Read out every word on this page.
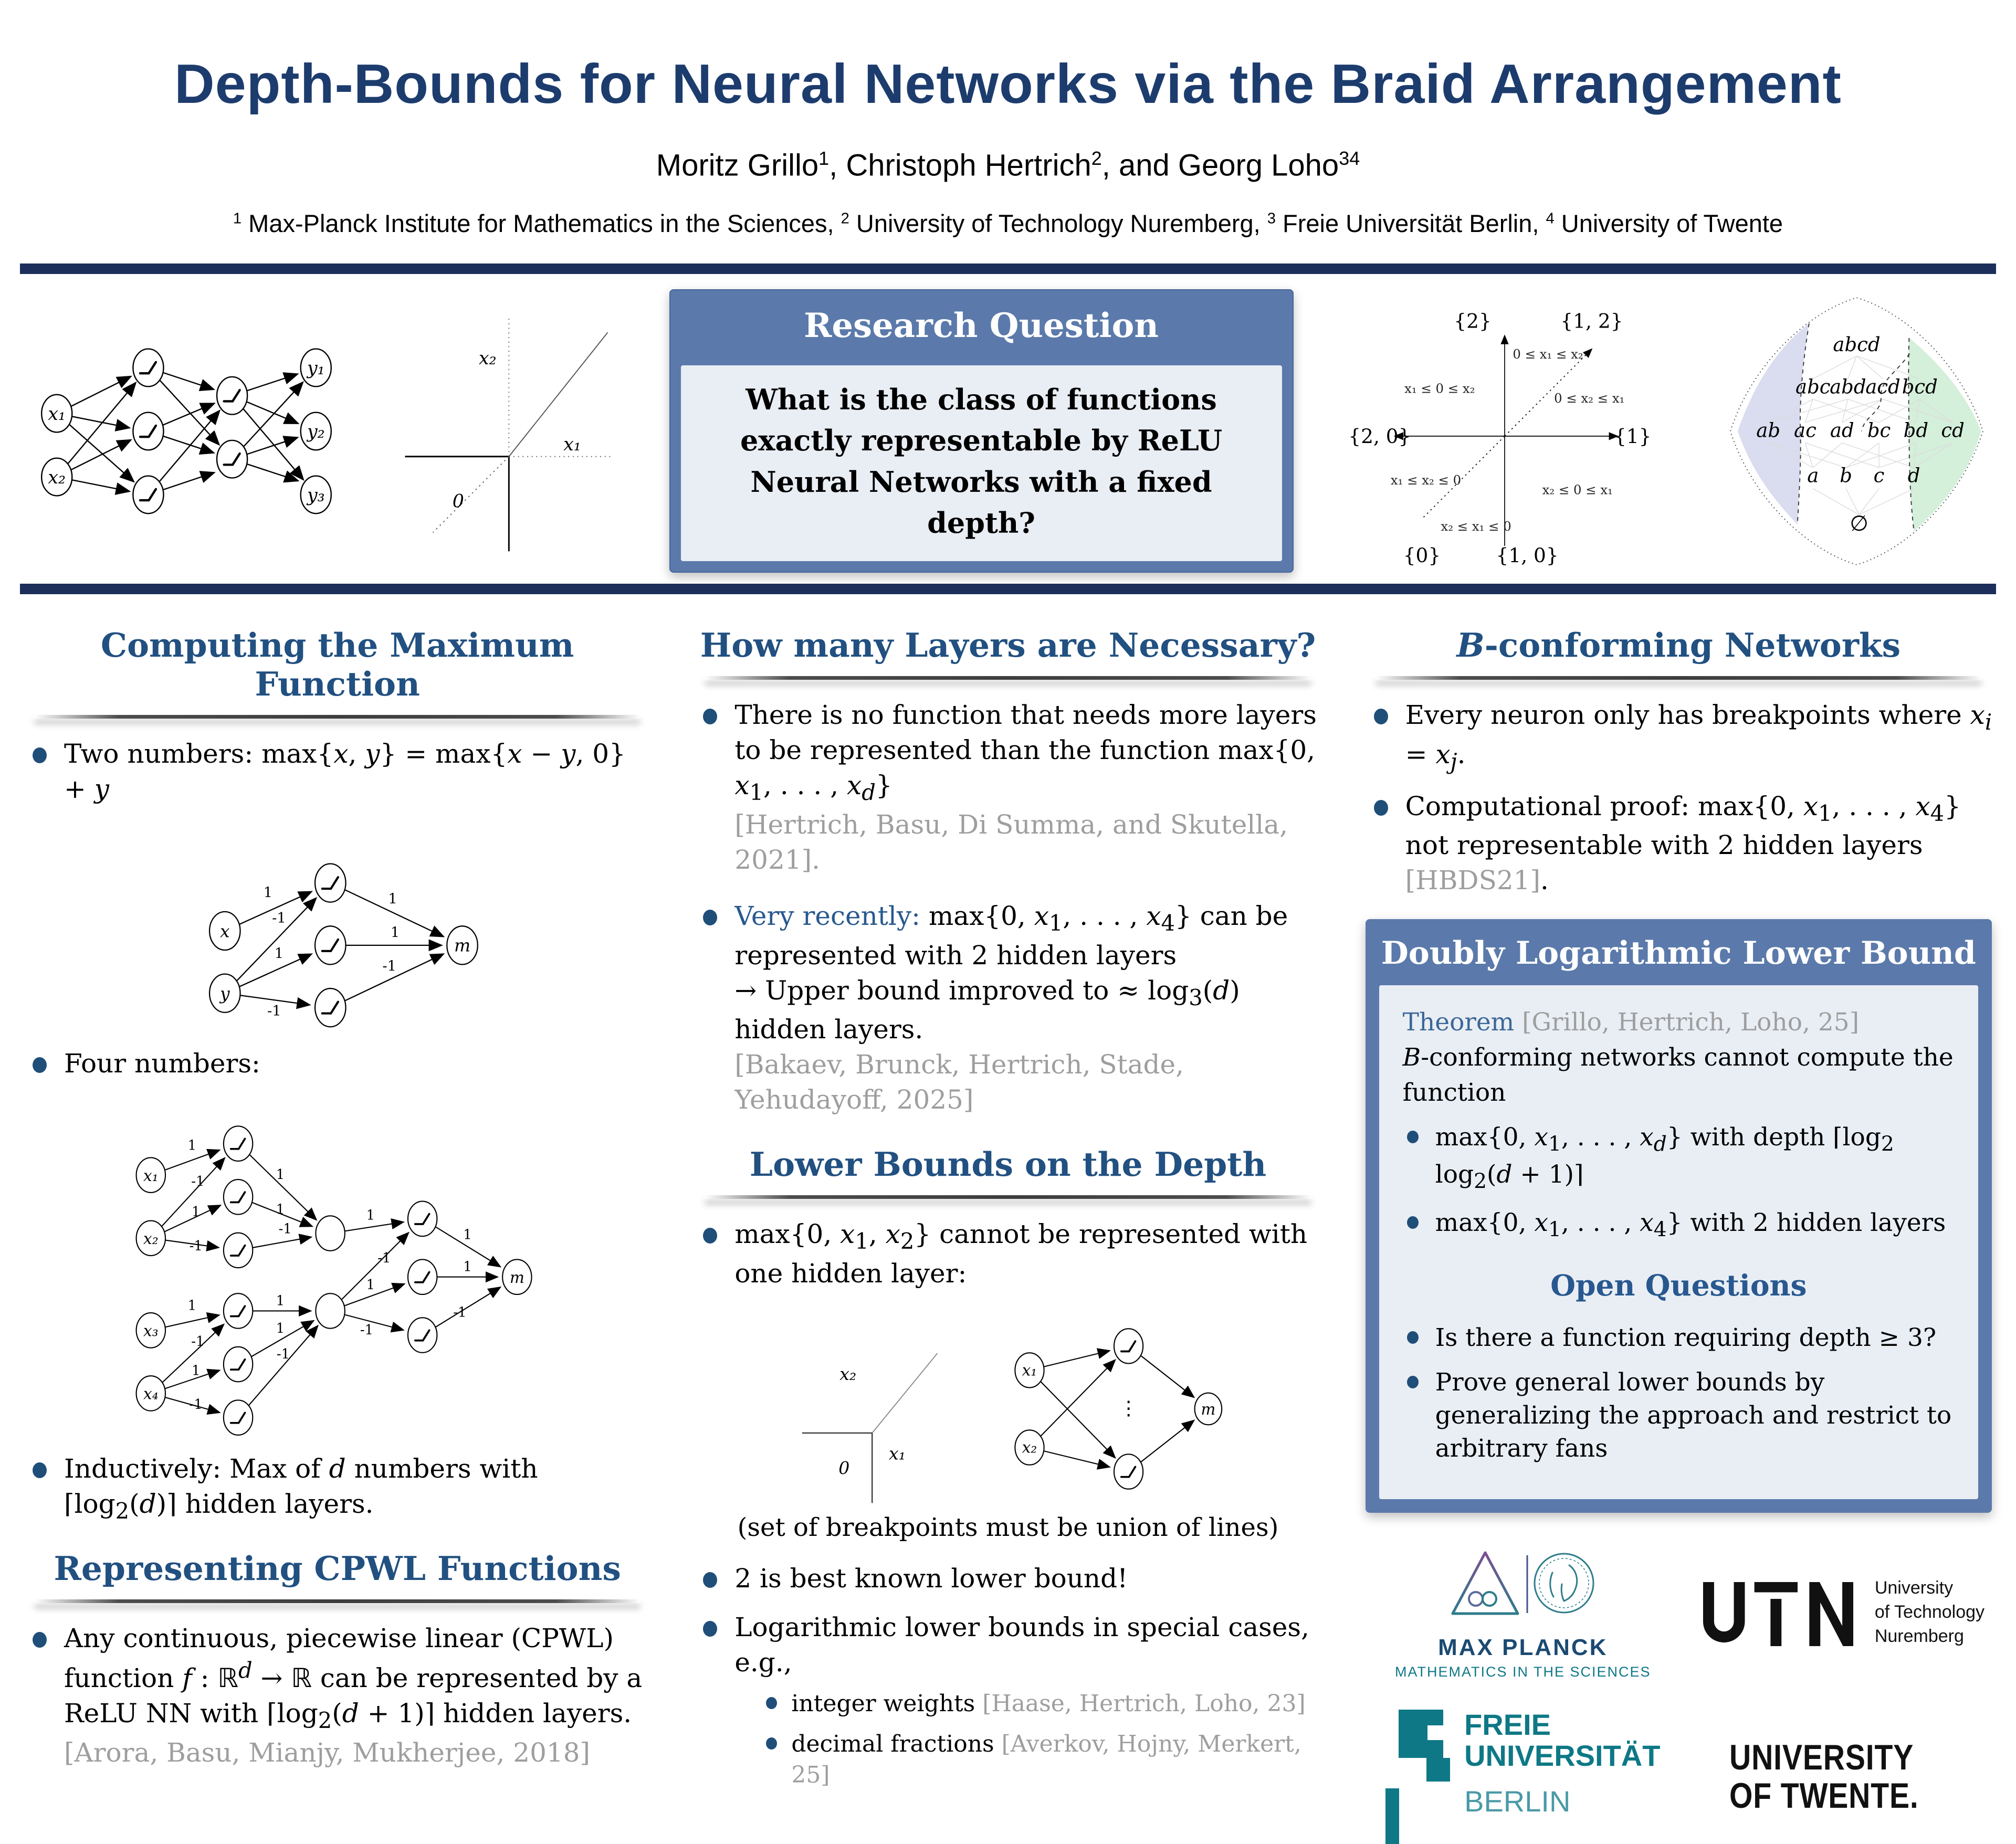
Depth-Bounds for Neural Networks via the Braid Arrangement
Moritz Grillo$^1$, Christoph Hertrich$^2$, and Georg Loho$^{34}$
$^1$ Max-Planck Institute for Mathematics in the Sciences, $^2$ University of Technology Nuremberg, $^3$ Freie Universität Berlin, $^4$ University of Twente
x₁
x₂
y₁
y₂
y₃
x₂
x₁
0
Research Question
What is the class of functions exactly representable by ReLU Neural Networks with a fixed depth?
{2}	{1, 2}
{2, 0}	{1}
{0}	{1, 0}
0 ≤ x₁ ≤ x₂
x₁ ≤ 0 ≤ x₂
0 ≤ x₂ ≤ x₁
x₁ ≤ x₂ ≤ 0
x₂ ≤ 0 ≤ x₁
x₂ ≤ x₁ ≤ 0
abcd
abc
abd
acd bcd
ab ac ad bc bd cd
a b c d
∅
Computing the Maximum Function
Two numbers: max{x, y} = max{x − y, 0} + y
x
y
m
1
-1
1
-1
1
1
-1
Four numbers:
x₁
x₂
x₃
x₄
m
1
-1
1
-1
1
-1
1
-1
1
1
-1
1
1
-1
1
-1
1
-1
1
1
-1
Inductively: Max of d numbers with $⌈\log_2(d)⌉$ hidden layers.
Representing CPWL Functions
Any continuous, piecewise linear (CPWL) function f : ℝ$^d$ → ℝ can be represented by a ReLU NN with $⌈\log_2(d$ + 1)⌉ hidden layers.
[Arora, Basu, Mianjy, Mukherjee, 2018]
How many Layers are Necessary?
There is no function that needs more layers to be represented than the function max{0, $x_1$, . . . , $x_d$}
[Hertrich, Basu, Di Summa, and Skutella, 2021].
Very recently: max{0, $x_1$, . . . , $x_4$} can be represented with 2 hidden layers
→ Upper bound improved to ≈ $\log_3(d)$ hidden layers.
[Bakaev, Brunck, Hertrich, Stade, Yehudayoff, 2025]
Lower Bounds on the Depth
max{0, $x_1$, $x_2$} cannot be represented with one hidden layer:
x₂
x₁
0
⋮
x₁
x₂
m
(set of breakpoints must be union of lines)
2 is best known lower bound!
Logarithmic lower bounds in special cases, e.g.,
integer weights [Haase, Hertrich, Loho, 23]
decimal fractions [Averkov, Hojny, Merkert, 25]
B-conforming Networks
Every neuron only has breakpoints where $x_i = x_j$.
Computational proof: max{0, $x_1$, . . . , $x_4$} not representable with 2 hidden layers [HBDS21].
Doubly Logarithmic Lower Bound
Theorem [Grillo, Hertrich, Loho, 25]
B-conforming networks cannot compute the function
max{0, $x_1$, . . . , $x_d$} with depth $⌈\log_2$ $\log_2(d$ + 1)⌉
max{0, $x_1$, . . . , $x_4$} with 2 hidden layers
Open Questions
Is there a function requiring depth ≥ 3?
Prove general lower bounds by generalizing the approach and restrict to arbitrary fans
MAX PLANCK
MATHEMATICS IN THE SCIENCES
University
of Technology
Nuremberg
FREIE
UNIVERSITÄT
BERLIN
UNIVERSITY
OF TWENTE.
